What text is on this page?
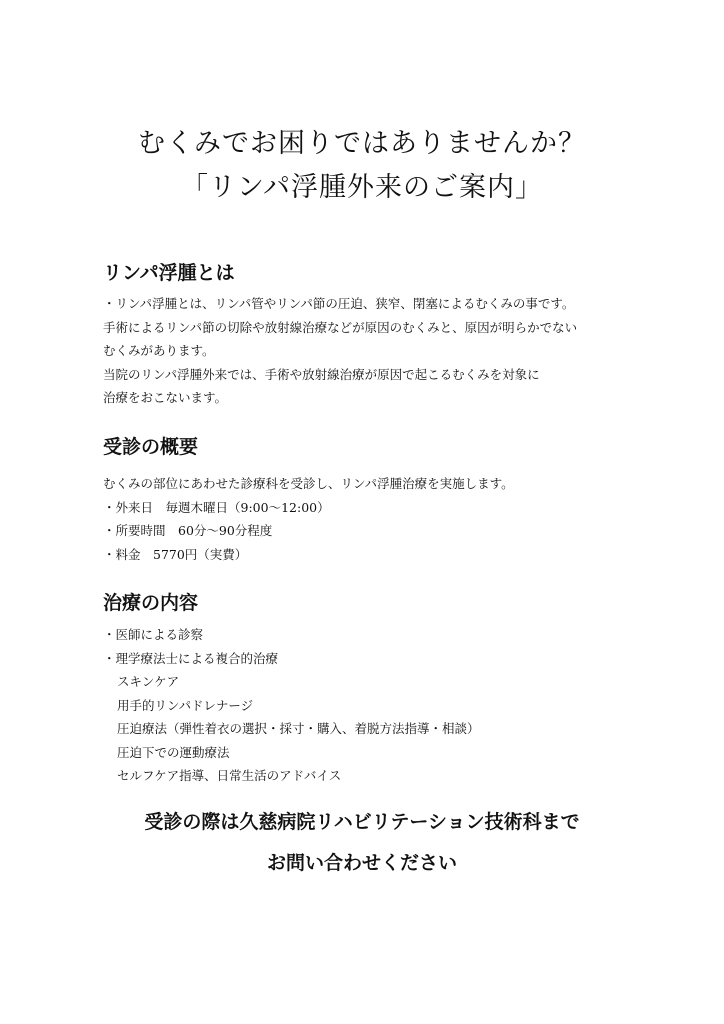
むくみでお困りではありませんか？
「リンパ浮腫外来のご案内」
リンパ浮腫とは
・リンパ浮腫とは、リンパ管やリンパ節の圧迫、狭窄、閉塞によるむくみの事です。
手術によるリンパ節の切除や放射線治療などが原因のむくみと、原因が明らかでない
むくみがあります。
当院のリンパ浮腫外来では、手術や放射線治療が原因で起こるむくみを対象に
治療をおこないます。
受診の概要
むくみの部位にあわせた診療科を受診し、リンパ浮腫治療を実施します。
・外来日　毎週木曜日（9:00～12:00）
・所要時間　60分～90分程度
・料金　5770円（実費）
治療の内容
・医師による診察
・理学療法士による複合的治療
スキンケア
用手的リンパドレナージ
圧迫療法（弾性着衣の選択・採寸・購入、着脱方法指導・相談）
圧迫下での運動療法
セルフケア指導、日常生活のアドバイス

受診の際は久慈病院リハビリテーション技術科まで

お問い合わせください
